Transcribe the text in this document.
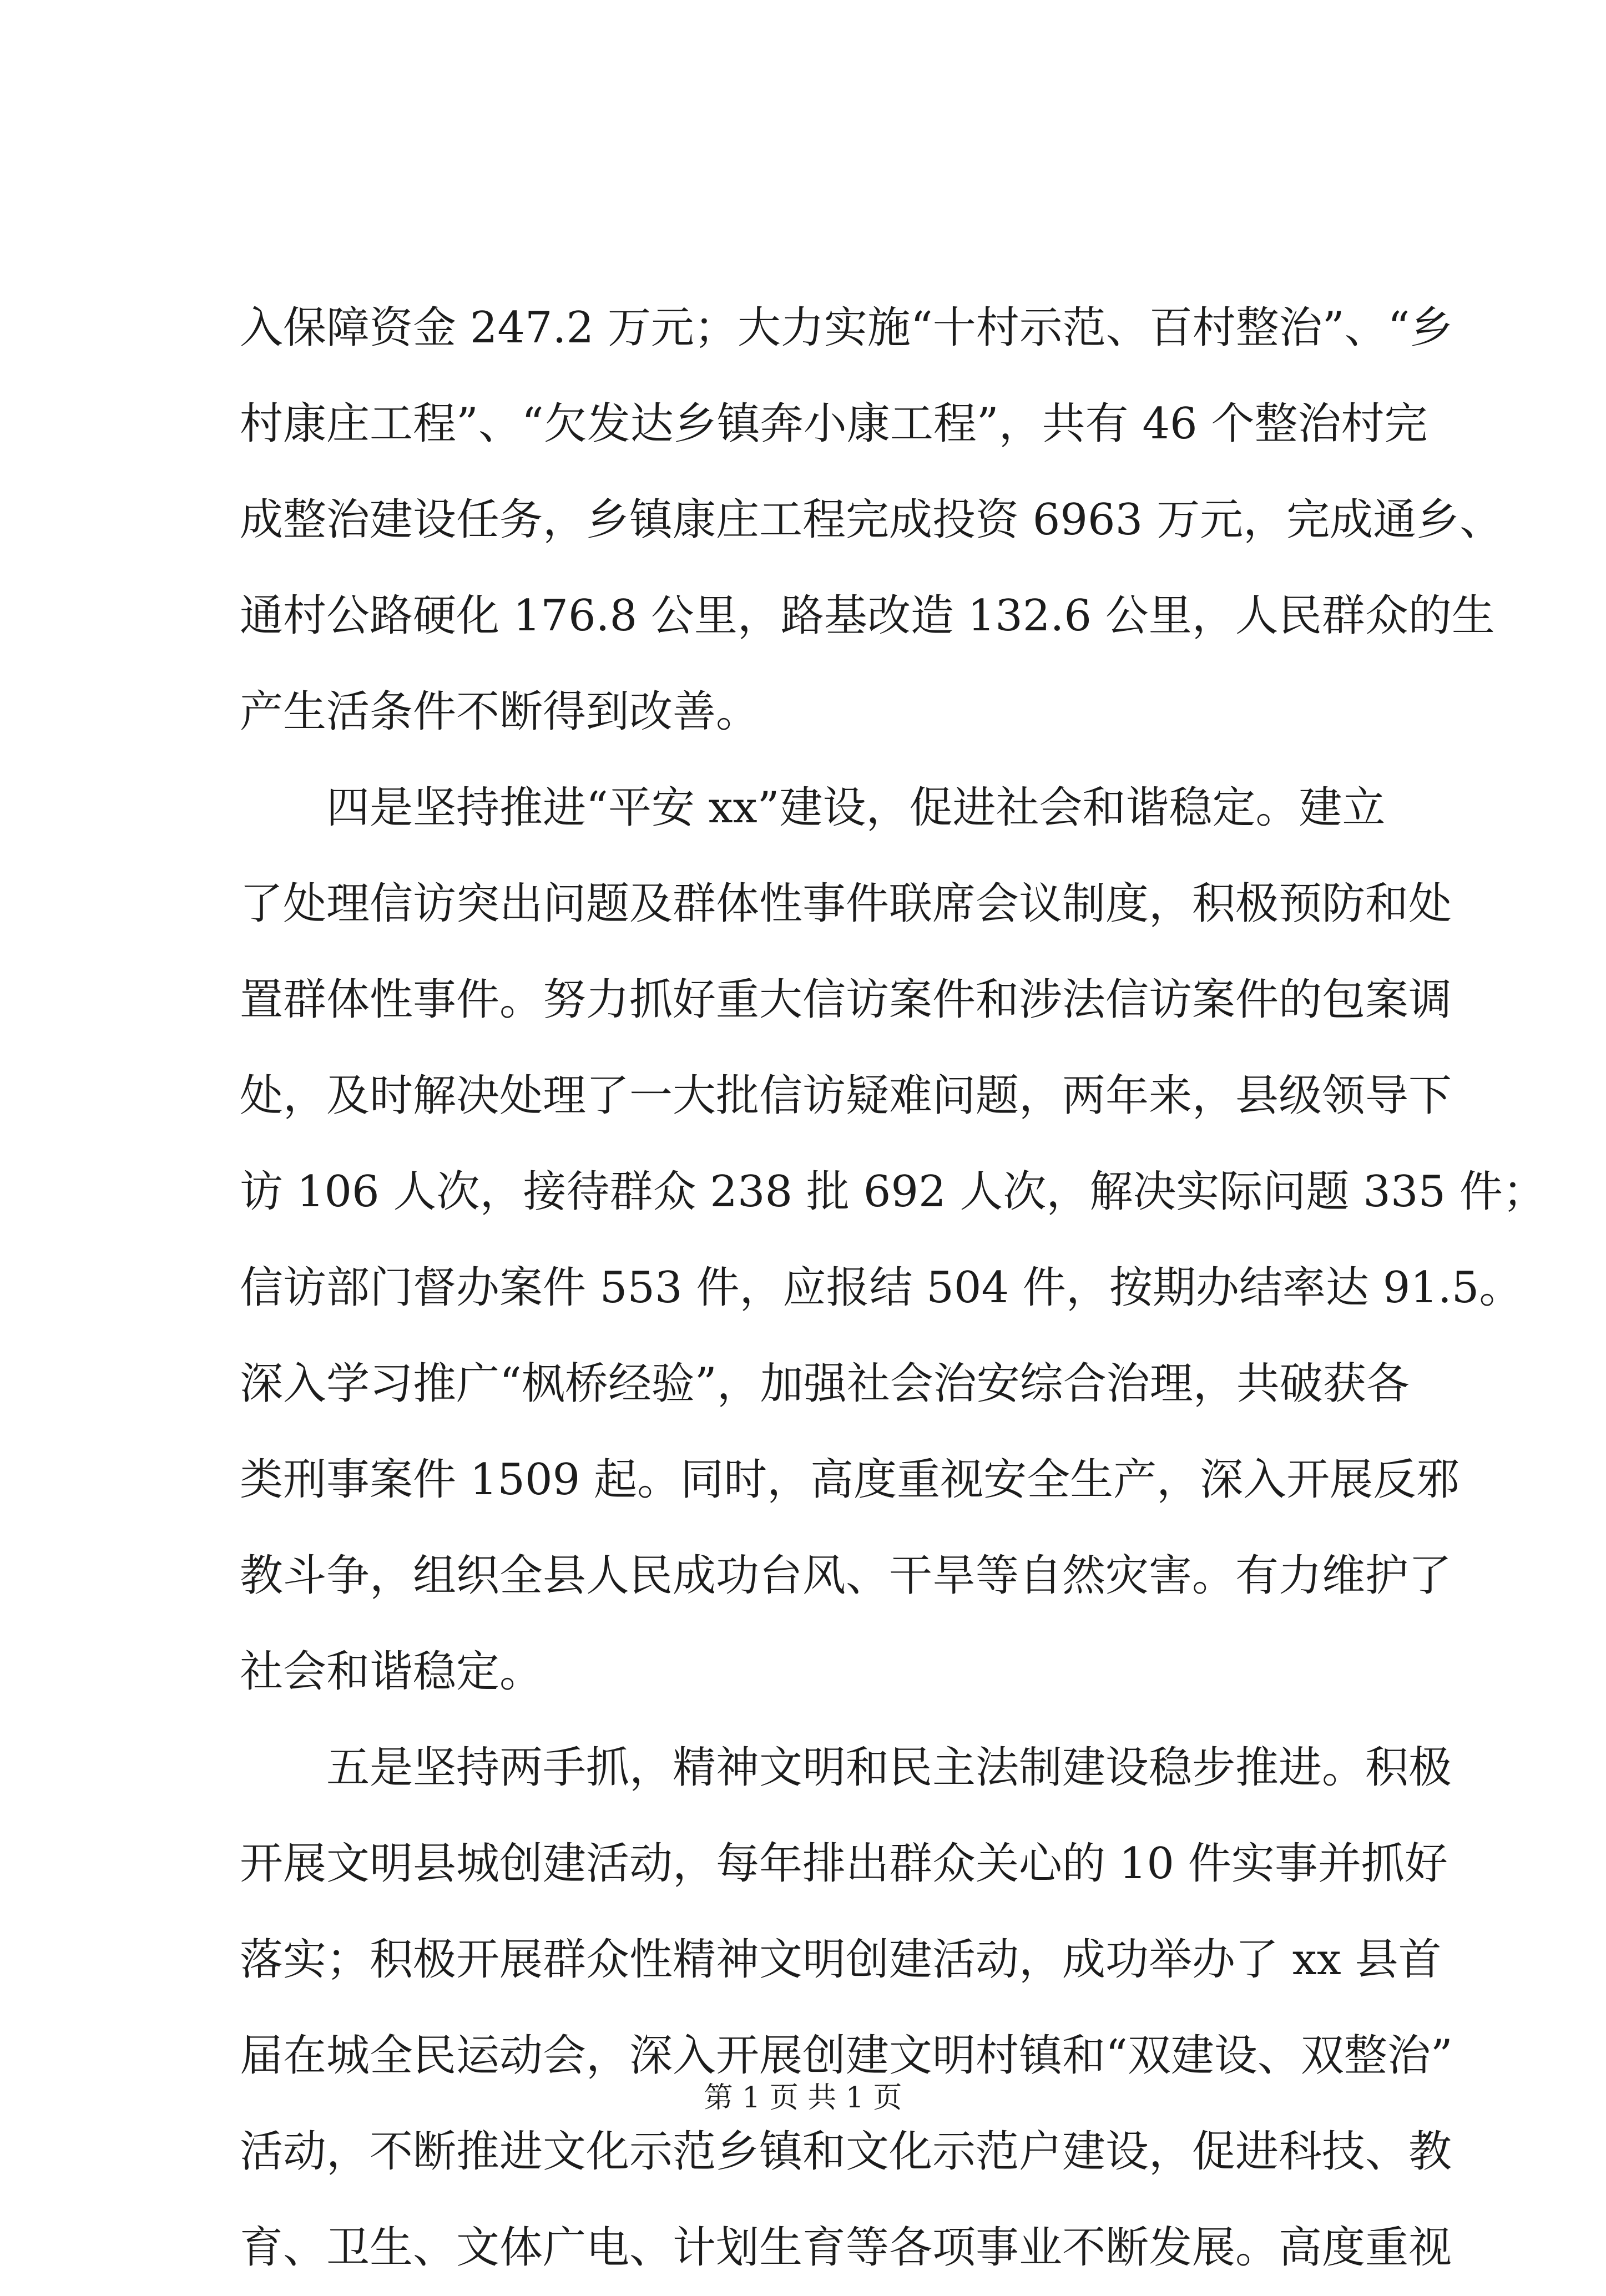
入保障资金 247.2 万元；大力实施“十村示范、百村整治”、“乡
村康庄工程”、“欠发达乡镇奔小康工程”，共有 46 个整治村完
成整治建设任务，乡镇康庄工程完成投资 6963 万元，完成通乡、
通村公路硬化 176.8 公里，路基改造 132.6 公里，人民群众的生
产生活条件不断得到改善。
　　四是坚持推进“平安 xx”建设，促进社会和谐稳定。建立
了处理信访突出问题及群体性事件联席会议制度，积极预防和处
置群体性事件。努力抓好重大信访案件和涉法信访案件的包案调
处，及时解决处理了一大批信访疑难问题，两年来，县级领导下
访 106 人次，接待群众 238 批 692 人次，解决实际问题 335 件；
信访部门督办案件 553 件，应报结 504 件，按期办结率达 91.5。
深入学习推广“枫桥经验”，加强社会治安综合治理，共破获各
类刑事案件 1509 起。同时，高度重视安全生产，深入开展反邪
教斗争，组织全县人民成功台风、干旱等自然灾害。有力维护了
社会和谐稳定。
　　五是坚持两手抓，精神文明和民主法制建设稳步推进。积极
开展文明县城创建活动，每年排出群众关心的 10 件实事并抓好
落实；积极开展群众性精神文明创建活动，成功举办了 xx 县首
届在城全民运动会，深入开展创建文明村镇和“双建设、双整治”
活动，不断推进文化示范乡镇和文化示范户建设，促进科技、教
育、卫生、文体广电、计划生育等各项事业不断发展。高度重视
第 1 页 共 1 页
